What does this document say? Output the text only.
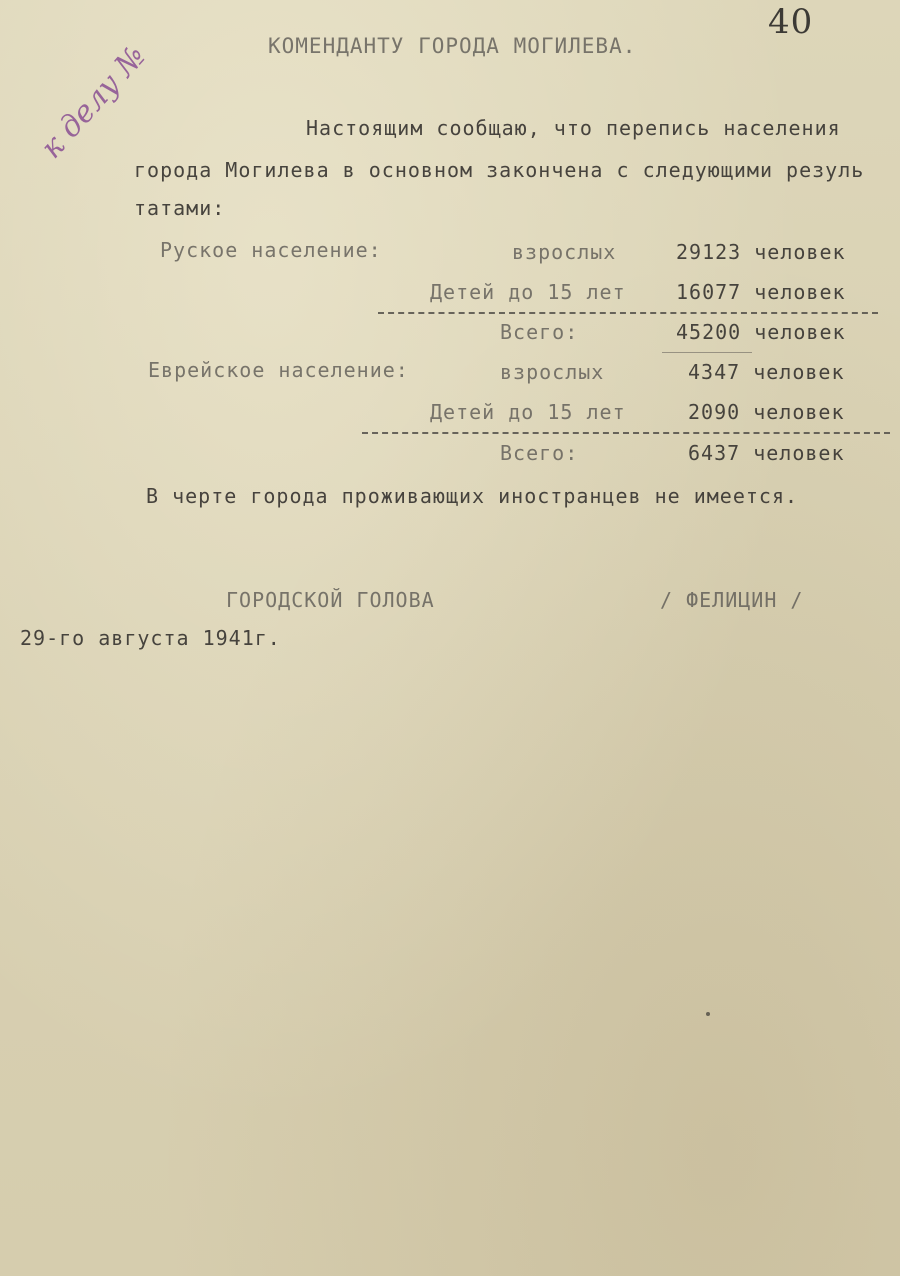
40
к делу №	КОМЕНДАНТУ ГОРОДА МОГИЛЕВА.
Настоящим сообщаю, что перепись населения
города Могилева в основном закончена с следующими резуль
татами:
Руское население:	взрослых	29123 человек
Детей до 15 лет	16077 человек
Всего:	45200 человек
Еврейское население:	взрослых	4347 человек
Детей до 15 лет	2090 человек
Всего:	6437 человек
В черте города проживающих иностранцев не имеется.
ГОРОДСКОЙ ГОЛОВА	/ ФЕЛИЦИН /
29-го августа 1941г.
